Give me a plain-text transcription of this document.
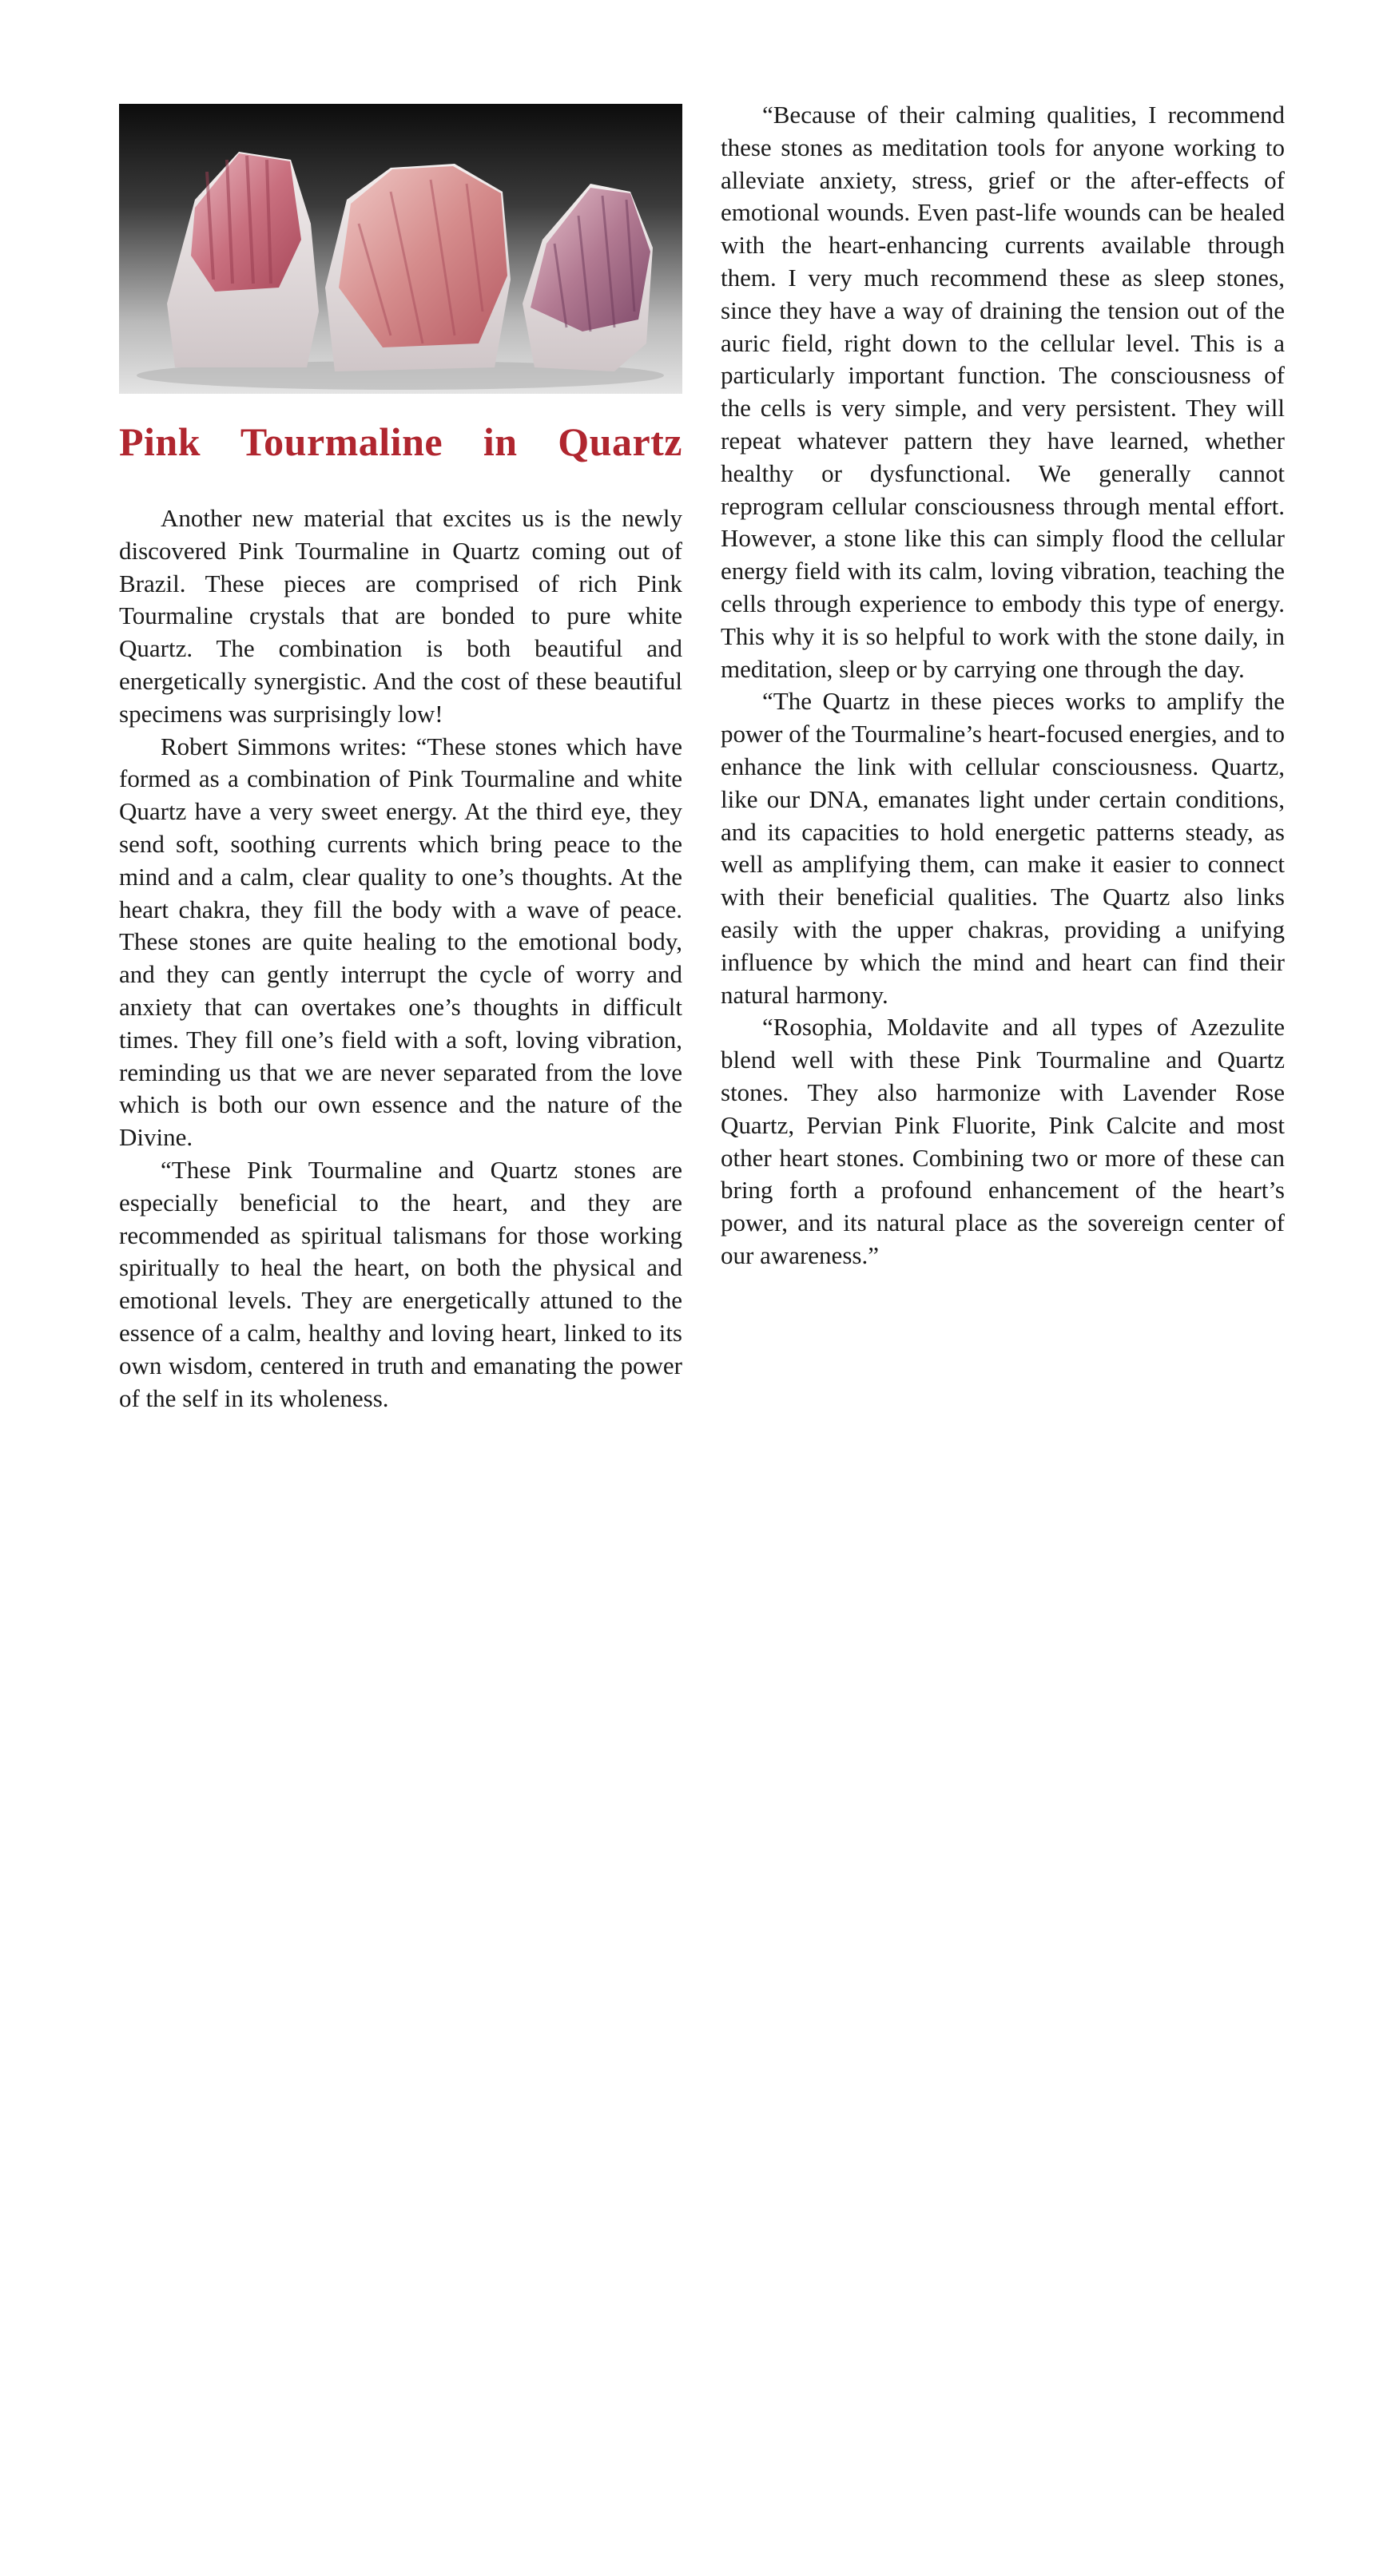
Pink Tourmaline in Quartz

Another new material that excites us is the newly discovered Pink Tourmaline in Quartz coming out of Brazil. These pieces are comprised of rich Pink Tourmaline crystals that are bonded to pure white Quartz. The combination is both beautiful and energetically synergistic. And the cost of these beautiful specimens was surprisingly low!

Robert Simmons writes: “These stones which have formed as a combination of Pink Tourmaline and white Quartz have a very sweet energy. At the third eye, they send soft, soothing currents which bring peace to the mind and a calm, clear quality to one’s thoughts. At the heart chakra, they fill the body with a wave of peace. These stones are quite healing to the emotional body, and they can gently interrupt the cycle of worry and anxiety that can overtakes one’s thoughts in difficult times. They fill one’s field with a soft, loving vibration, reminding us that we are never separated from the love which is both our own essence and the nature of the Divine.

“These Pink Tourmaline and Quartz stones are especially beneficial to the heart, and they are recommended as spiritual talismans for those working spiritually to heal the heart, on both the physical and emotional levels. They are energetically attuned to the essence of a calm, healthy and loving heart, linked to its own wisdom, centered in truth and emanating the power of the self in its wholeness.

“Because of their calming qualities, I recommend these stones as meditation tools for anyone working to alleviate anxiety, stress, grief or the after-effects of emotional wounds. Even past-life wounds can be healed with the heart-enhancing currents available through them. I very much recommend these as sleep stones, since they have a way of draining the tension out of the auric field, right down to the cellular level. This is a particularly important function. The consciousness of the cells is very simple, and very persistent. They will repeat whatever pattern they have learned, whether healthy or dysfunctional. We generally cannot reprogram cellular consciousness through mental effort. However, a stone like this can simply flood the cellular energy field with its calm, loving vibration, teaching the cells through experience to embody this type of energy. This why it is so helpful to work with the stone daily, in meditation, sleep or by carrying one through the day.

“The Quartz in these pieces works to amplify the power of the Tourmaline’s heart-focused energies, and to enhance the link with cellular consciousness. Quartz, like our DNA, emanates light under certain conditions, and its capacities to hold energetic patterns steady, as well as amplifying them, can make it easier to connect with their beneficial qualities. The Quartz also links easily with the upper chakras, providing a unifying influence by which the mind and heart can find their natural harmony.

“Rosophia, Moldavite and all types of Azezulite blend well with these Pink Tourmaline and Quartz stones. They also harmonize with Lavender Rose Quartz, Pervian Pink Fluorite, Pink Calcite and most other heart stones. Combining two or more of these can bring forth a profound enhancement of the heart’s power, and its natural place as the sovereign center of our awareness.”
